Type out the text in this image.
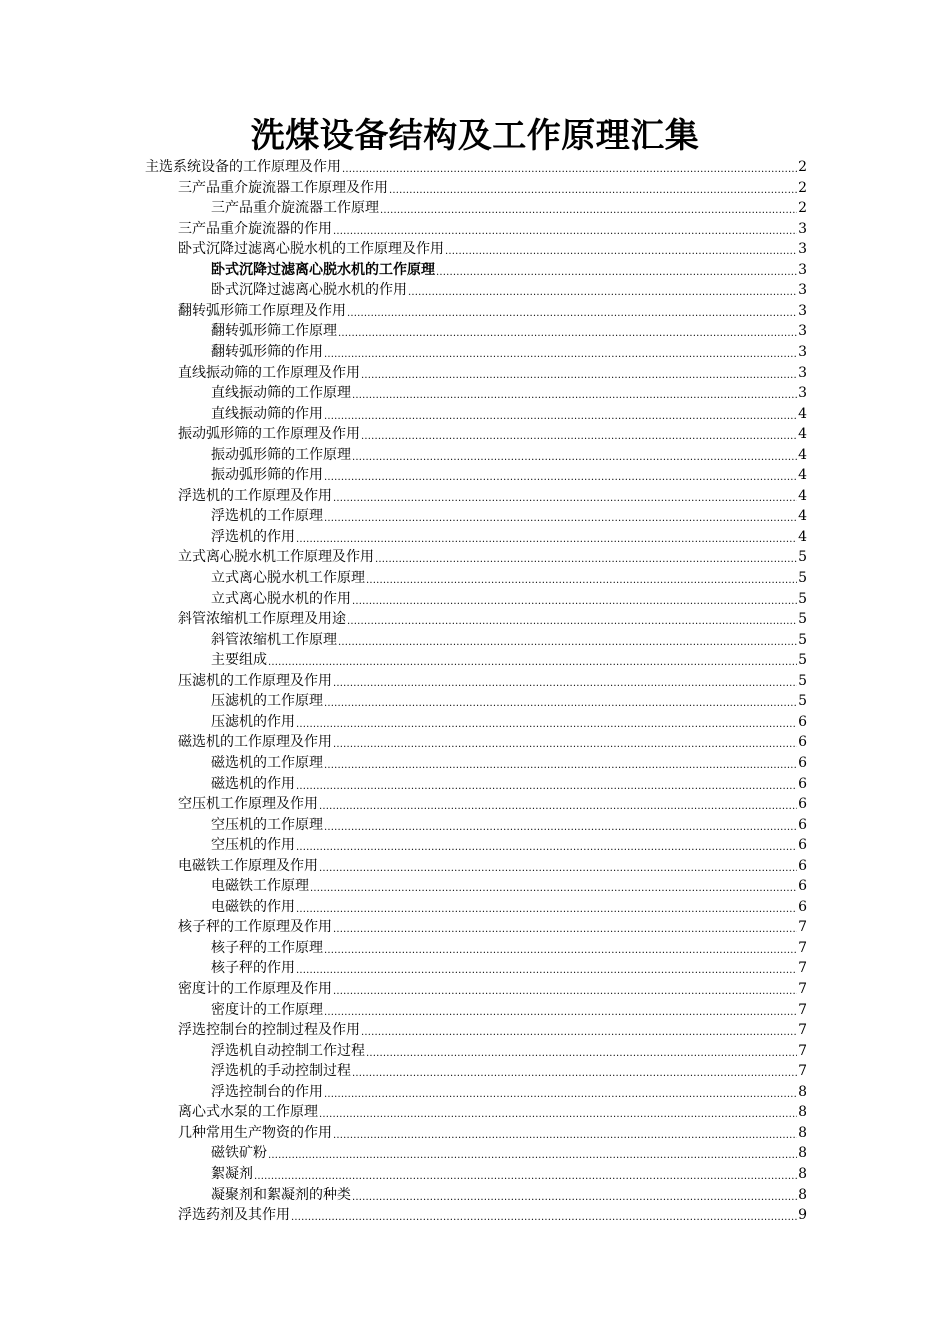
洗煤设备结构及工作原理汇集
主选系统设备的工作原理及作用 .....	2
三产品重介旋流器工作原理及作用 .....	2
三产品重介旋流器工作原理 .....	2
三产品重介旋流器的作用 .....	3
卧式沉降过滤离心脱水机的工作原理及作用 .....	3
卧式沉降过滤离心脱水机的工作原理 .....	3
卧式沉降过滤离心脱水机的作用 .....	3
翻转弧形筛工作原理及作用 .....	3
翻转弧形筛工作原理 .....	3
翻转弧形筛的作用 .....	3
直线振动筛的工作原理及作用 .....	3
直线振动筛的工作原理 .....	3
直线振动筛的作用 .....	4
振动弧形筛的工作原理及作用 .....	4
振动弧形筛的工作原理 .....	4
振动弧形筛的作用 .....	4
浮选机的工作原理及作用 .....	4
浮选机的工作原理 .....	4
浮选机的作用 .....	4
立式离心脱水机工作原理及作用 .....	5
立式离心脱水机工作原理 .....	5
立式离心脱水机的作用 .....	5
斜管浓缩机工作原理及用途 .....	5
斜管浓缩机工作原理 .....	5
主要组成 .....	5
压滤机的工作原理及作用 .....	5
压滤机的工作原理 .....	5
压滤机的作用 .....	6
磁选机的工作原理及作用 .....	6
磁选机的工作原理 .....	6
磁选机的作用 .....	6
空压机工作原理及作用 .....	6
空压机的工作原理 .....	6
空压机的作用 .....	6
电磁铁工作原理及作用 .....	6
电磁铁工作原理 .....	6
电磁铁的作用 .....	6
核子秤的工作原理及作用 .....	7
核子秤的工作原理 .....	7
核子秤的作用 .....	7
密度计的工作原理及作用 .....	7
密度计的工作原理 .....	7
浮选控制台的控制过程及作用 .....	7
浮选机自动控制工作过程 .....	7
浮选机的手动控制过程 .....	7
浮选控制台的作用 .....	8
离心式水泵的工作原理 .....	8
几种常用生产物资的作用 .....	8
磁铁矿粉 .....	8
絮凝剂 .....	8
凝聚剂和絮凝剂的种类 .....	8
浮选药剂及其作用 .....	9
